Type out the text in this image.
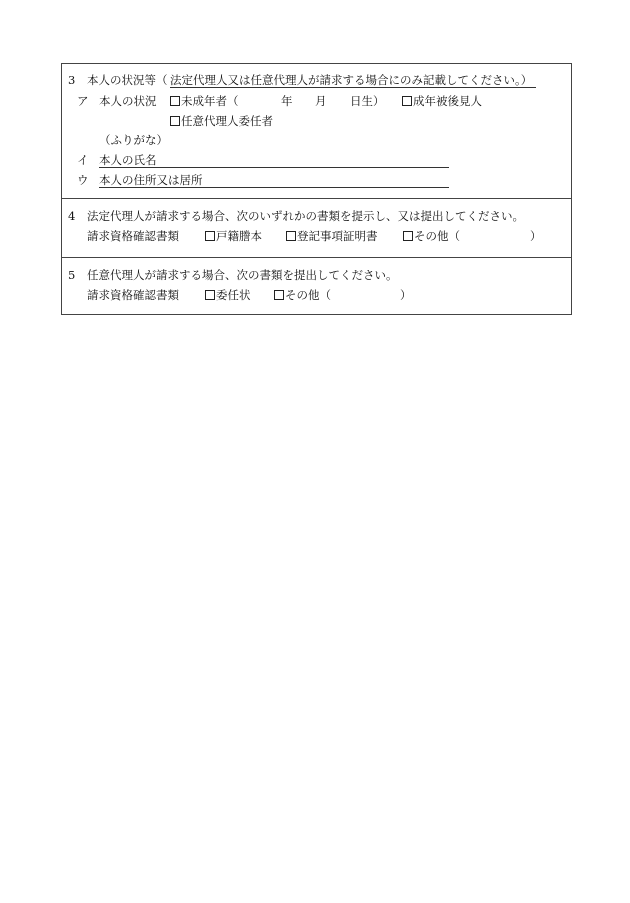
3 本人の状況等（ 法定代理人又は任意代理人が請求する場合にのみ記載してください。）
ア 本人の状況	未成年者（	年 月 日生）	成年被後見人
任意代理人委任者
（ふりがな）
イ 本人の氏名
ウ 本人の住所又は居所
4 法定代理人が請求する場合、次のいずれかの書類を提示し、又は提出してください。
請求資格確認書類	戸籍謄本	登記事項証明書	その他（	）
5 任意代理人が請求する場合、次の書類を提出してください。
請求資格確認書類	委任状	その他（	）
